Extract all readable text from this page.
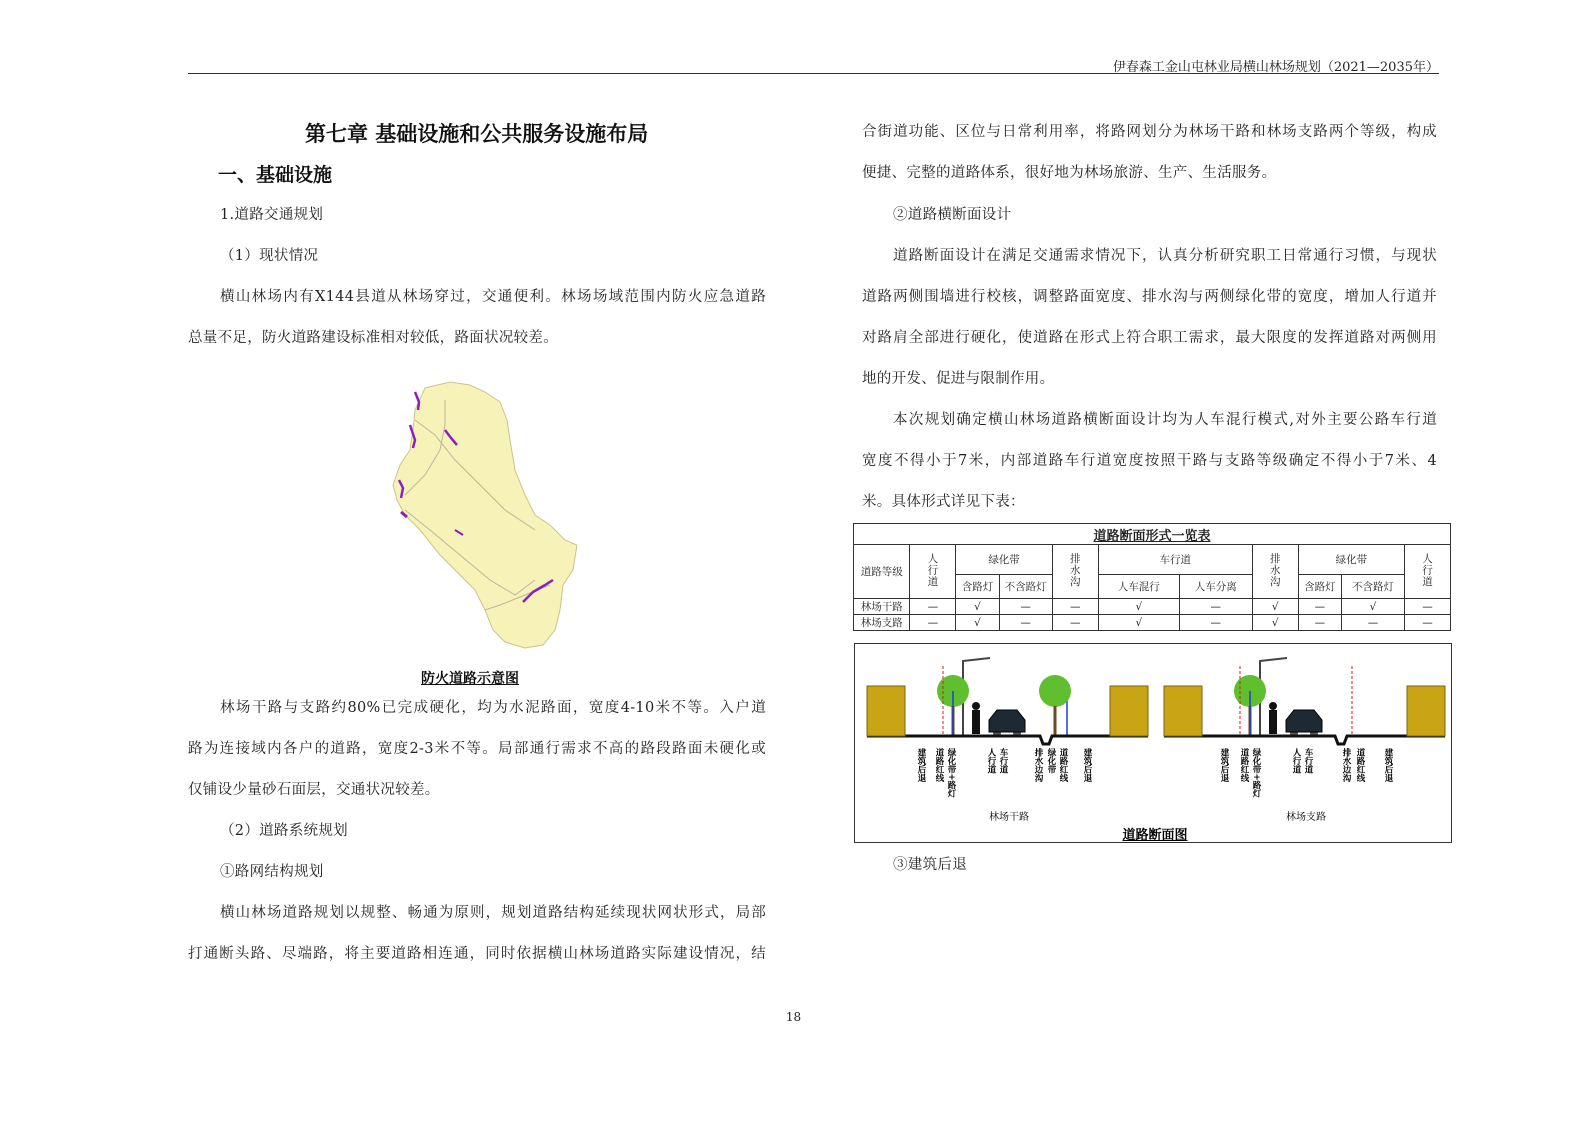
伊春森工金山屯林业局横山林场规划（2021—2035年）
第七章 基础设施和公共服务设施布局
一、基础设施

1.道路交通规划

（1）现状情况

横山林场内有X144县道从林场穿过，交通便利。林场场域范围内防火应急道路

总量不足，防火道路建设标准相对较低，路面状况较差。

防火道路示意图

林场干路与支路约80%已完成硬化，均为水泥路面，宽度4-10米不等。入户道

路为连接域内各户的道路，宽度2-3米不等。局部通行需求不高的路段路面未硬化或

仅铺设少量砂石面层，交通状况较差。

（2）道路系统规划

①路网结构规划

横山林场道路规划以规整、畅通为原则，规划道路结构延续现状网状形式，局部

打通断头路、尽端路，将主要道路相连通，同时依据横山林场道路实际建设情况，结

合街道功能、区位与日常利用率，将路网划分为林场干路和林场支路两个等级，构成

便捷、完整的道路体系，很好地为林场旅游、生产、生活服务。

②道路横断面设计

道路断面设计在满足交通需求情况下，认真分析研究职工日常通行习惯，与现状

道路两侧围墙进行校核，调整路面宽度、排水沟与两侧绿化带的宽度，增加人行道并

对路肩全部进行硬化，使道路在形式上符合职工需求，最大限度的发挥道路对两侧用

地的开发、促进与限制作用。

本次规划确定横山林场道路横断面设计均为人车混行模式,对外主要公路车行道

宽度不得小于7米，内部道路车行道宽度按照干路与支路等级确定不得小于7米、4

米。具体形式详见下表：

道路断面形式一览表										
道路等级	人行道	绿化带		排水沟	车行道		排水沟	绿化带		人行道
		含路灯	不含路灯		人车混行	人车分离		含路灯	不含路灯	
林场干路	—	√	—	—	√	—	√	—	√	—
林场支路	—	√	—	—	√	—	√	—	—	—
林场干路	林场支路
道路断面图
建筑后退 道路红线 绿化带+路灯	人行道 车行道	排水边沟 绿化带 道路红线 建筑后退	建筑后退 道路红线 绿化带+路灯	人行道 车行道	排水边沟 道路红线 建筑后退

③建筑后退

18
